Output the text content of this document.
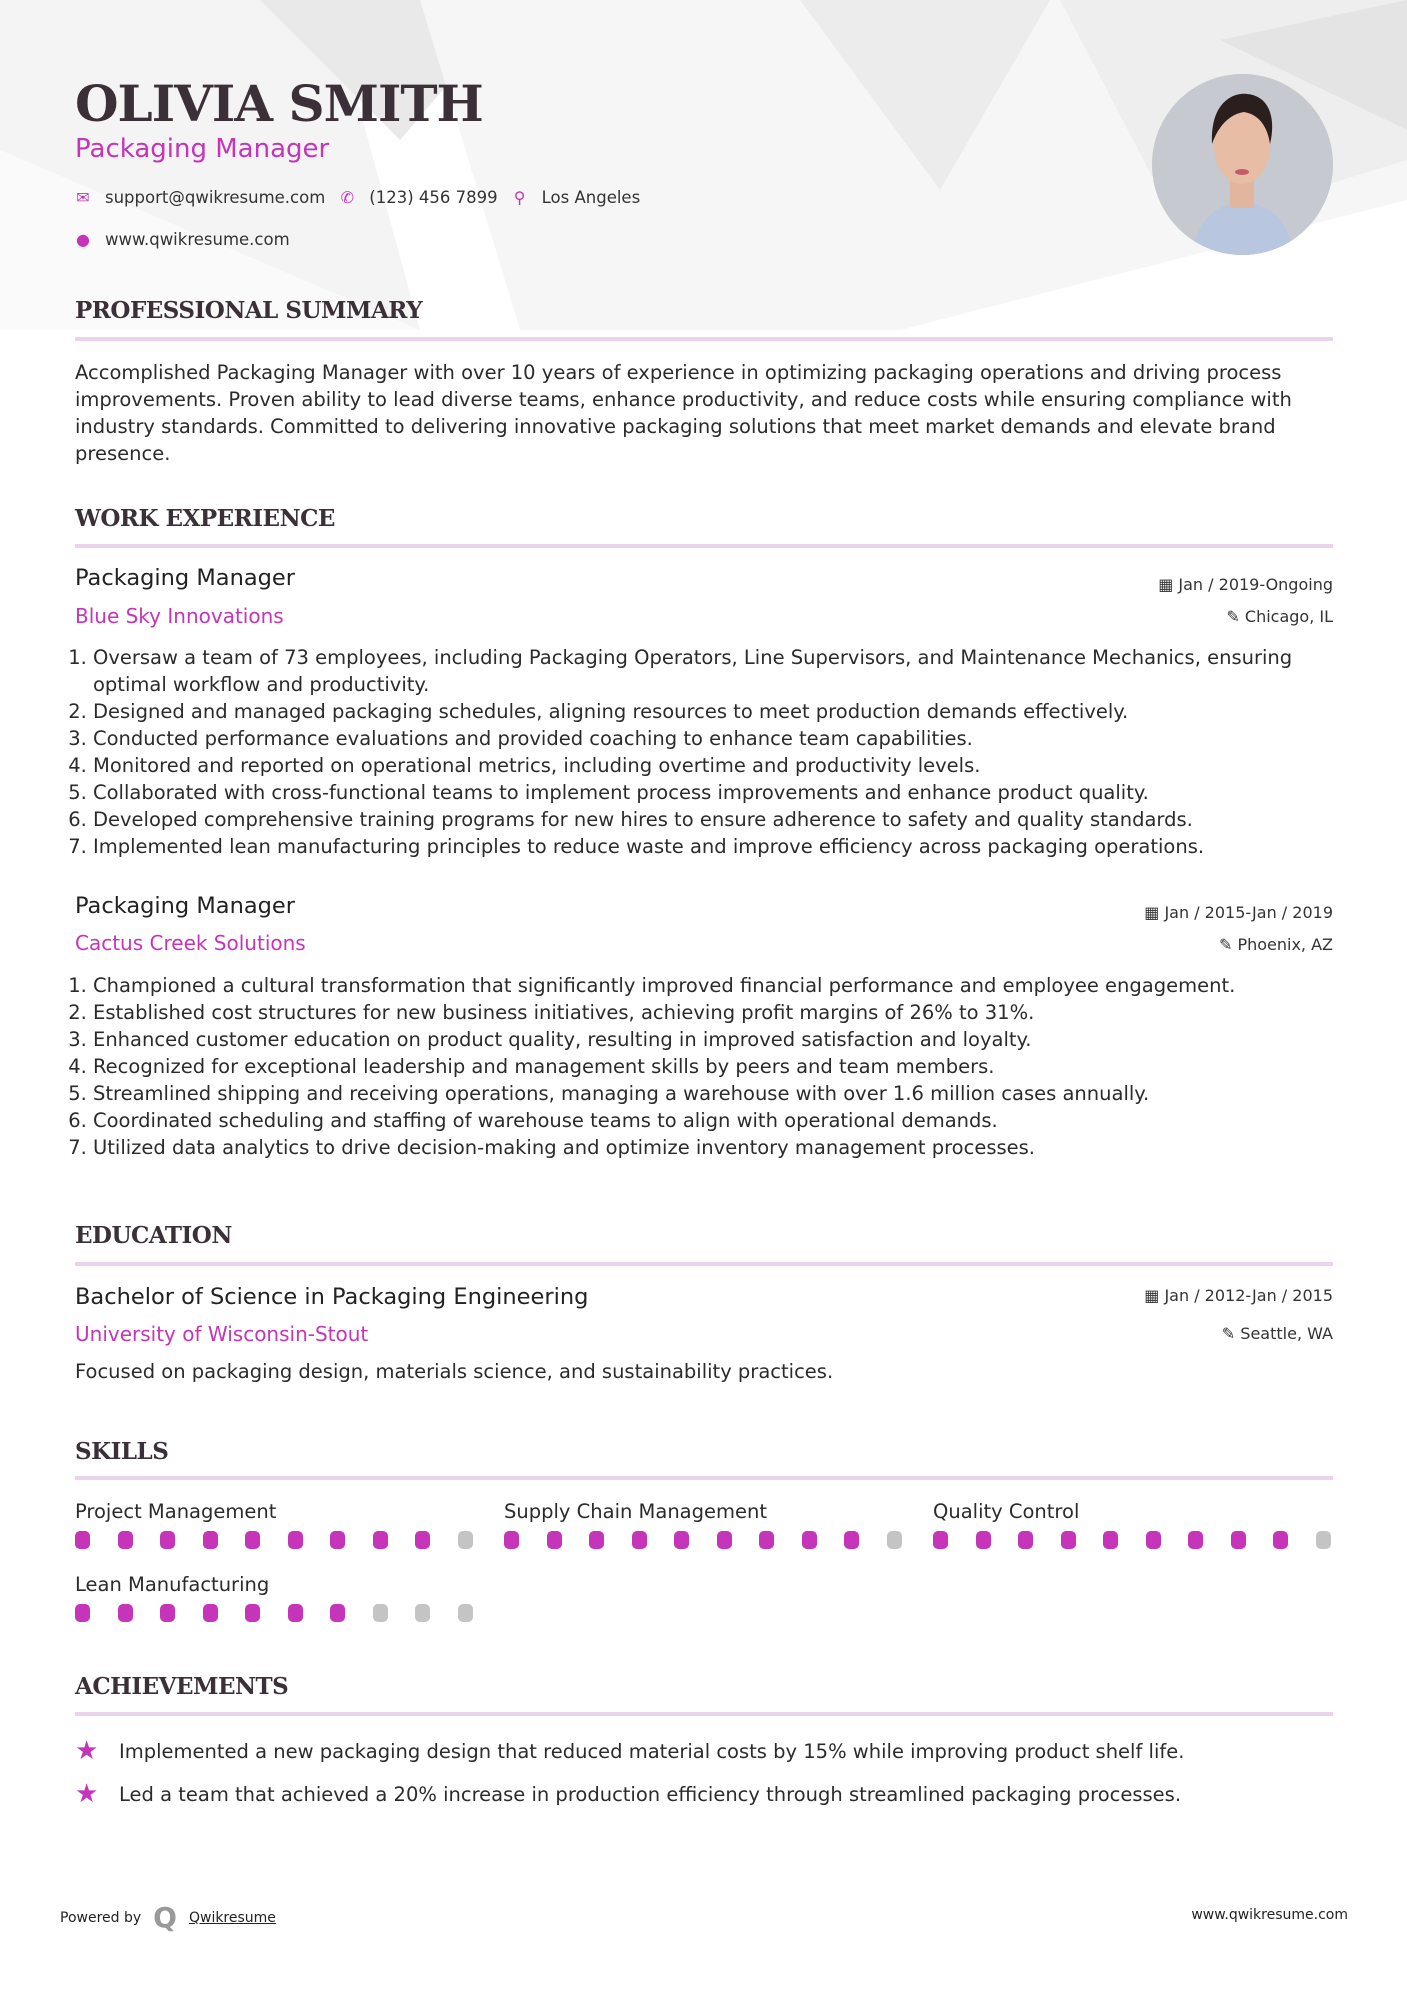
OLIVIA SMITH
Packaging Manager
✉ support@qwikresume.com ✆ (123) 456 7899 ⚲ Los Angeles
● www.qwikresume.com
PROFESSIONAL SUMMARY
Accomplished Packaging Manager with over 10 years of experience in optimizing packaging operations and driving process improvements. Proven ability to lead diverse teams, enhance productivity, and reduce costs while ensuring compliance with industry standards. Committed to delivering innovative packaging solutions that meet market demands and elevate brand presence.
WORK EXPERIENCE
Packaging Manager	▦ Jan / 2019-Ongoing
Blue Sky Innovations	✎ Chicago, IL
1. Oversaw a team of 73 employees, including Packaging Operators, Line Supervisors, and Maintenance Mechanics, ensuring optimal workflow and productivity.
2. Designed and managed packaging schedules, aligning resources to meet production demands effectively.
3. Conducted performance evaluations and provided coaching to enhance team capabilities.
4. Monitored and reported on operational metrics, including overtime and productivity levels.
5. Collaborated with cross-functional teams to implement process improvements and enhance product quality.
6. Developed comprehensive training programs for new hires to ensure adherence to safety and quality standards.
7. Implemented lean manufacturing principles to reduce waste and improve efficiency across packaging operations.
Packaging Manager	▦ Jan / 2015-Jan / 2019
Cactus Creek Solutions	✎ Phoenix, AZ
1. Championed a cultural transformation that significantly improved financial performance and employee engagement.
2. Established cost structures for new business initiatives, achieving profit margins of 26% to 31%.
3. Enhanced customer education on product quality, resulting in improved satisfaction and loyalty.
4. Recognized for exceptional leadership and management skills by peers and team members.
5. Streamlined shipping and receiving operations, managing a warehouse with over 1.6 million cases annually.
6. Coordinated scheduling and staffing of warehouse teams to align with operational demands.
7. Utilized data analytics to drive decision-making and optimize inventory management processes.
EDUCATION
Bachelor of Science in Packaging Engineering	▦ Jan / 2012-Jan / 2015
University of Wisconsin-Stout	✎ Seattle, WA
Focused on packaging design, materials science, and sustainability practices.
SKILLS
Project Management	Supply Chain Management	Quality Control
Lean Manufacturing
ACHIEVEMENTS
★	Implemented a new packaging design that reduced material costs by 15% while improving product shelf life.
★	Led a team that achieved a 20% increase in production efficiency through streamlined packaging processes.
Powered by Q Qwikresume	www.qwikresume.com
